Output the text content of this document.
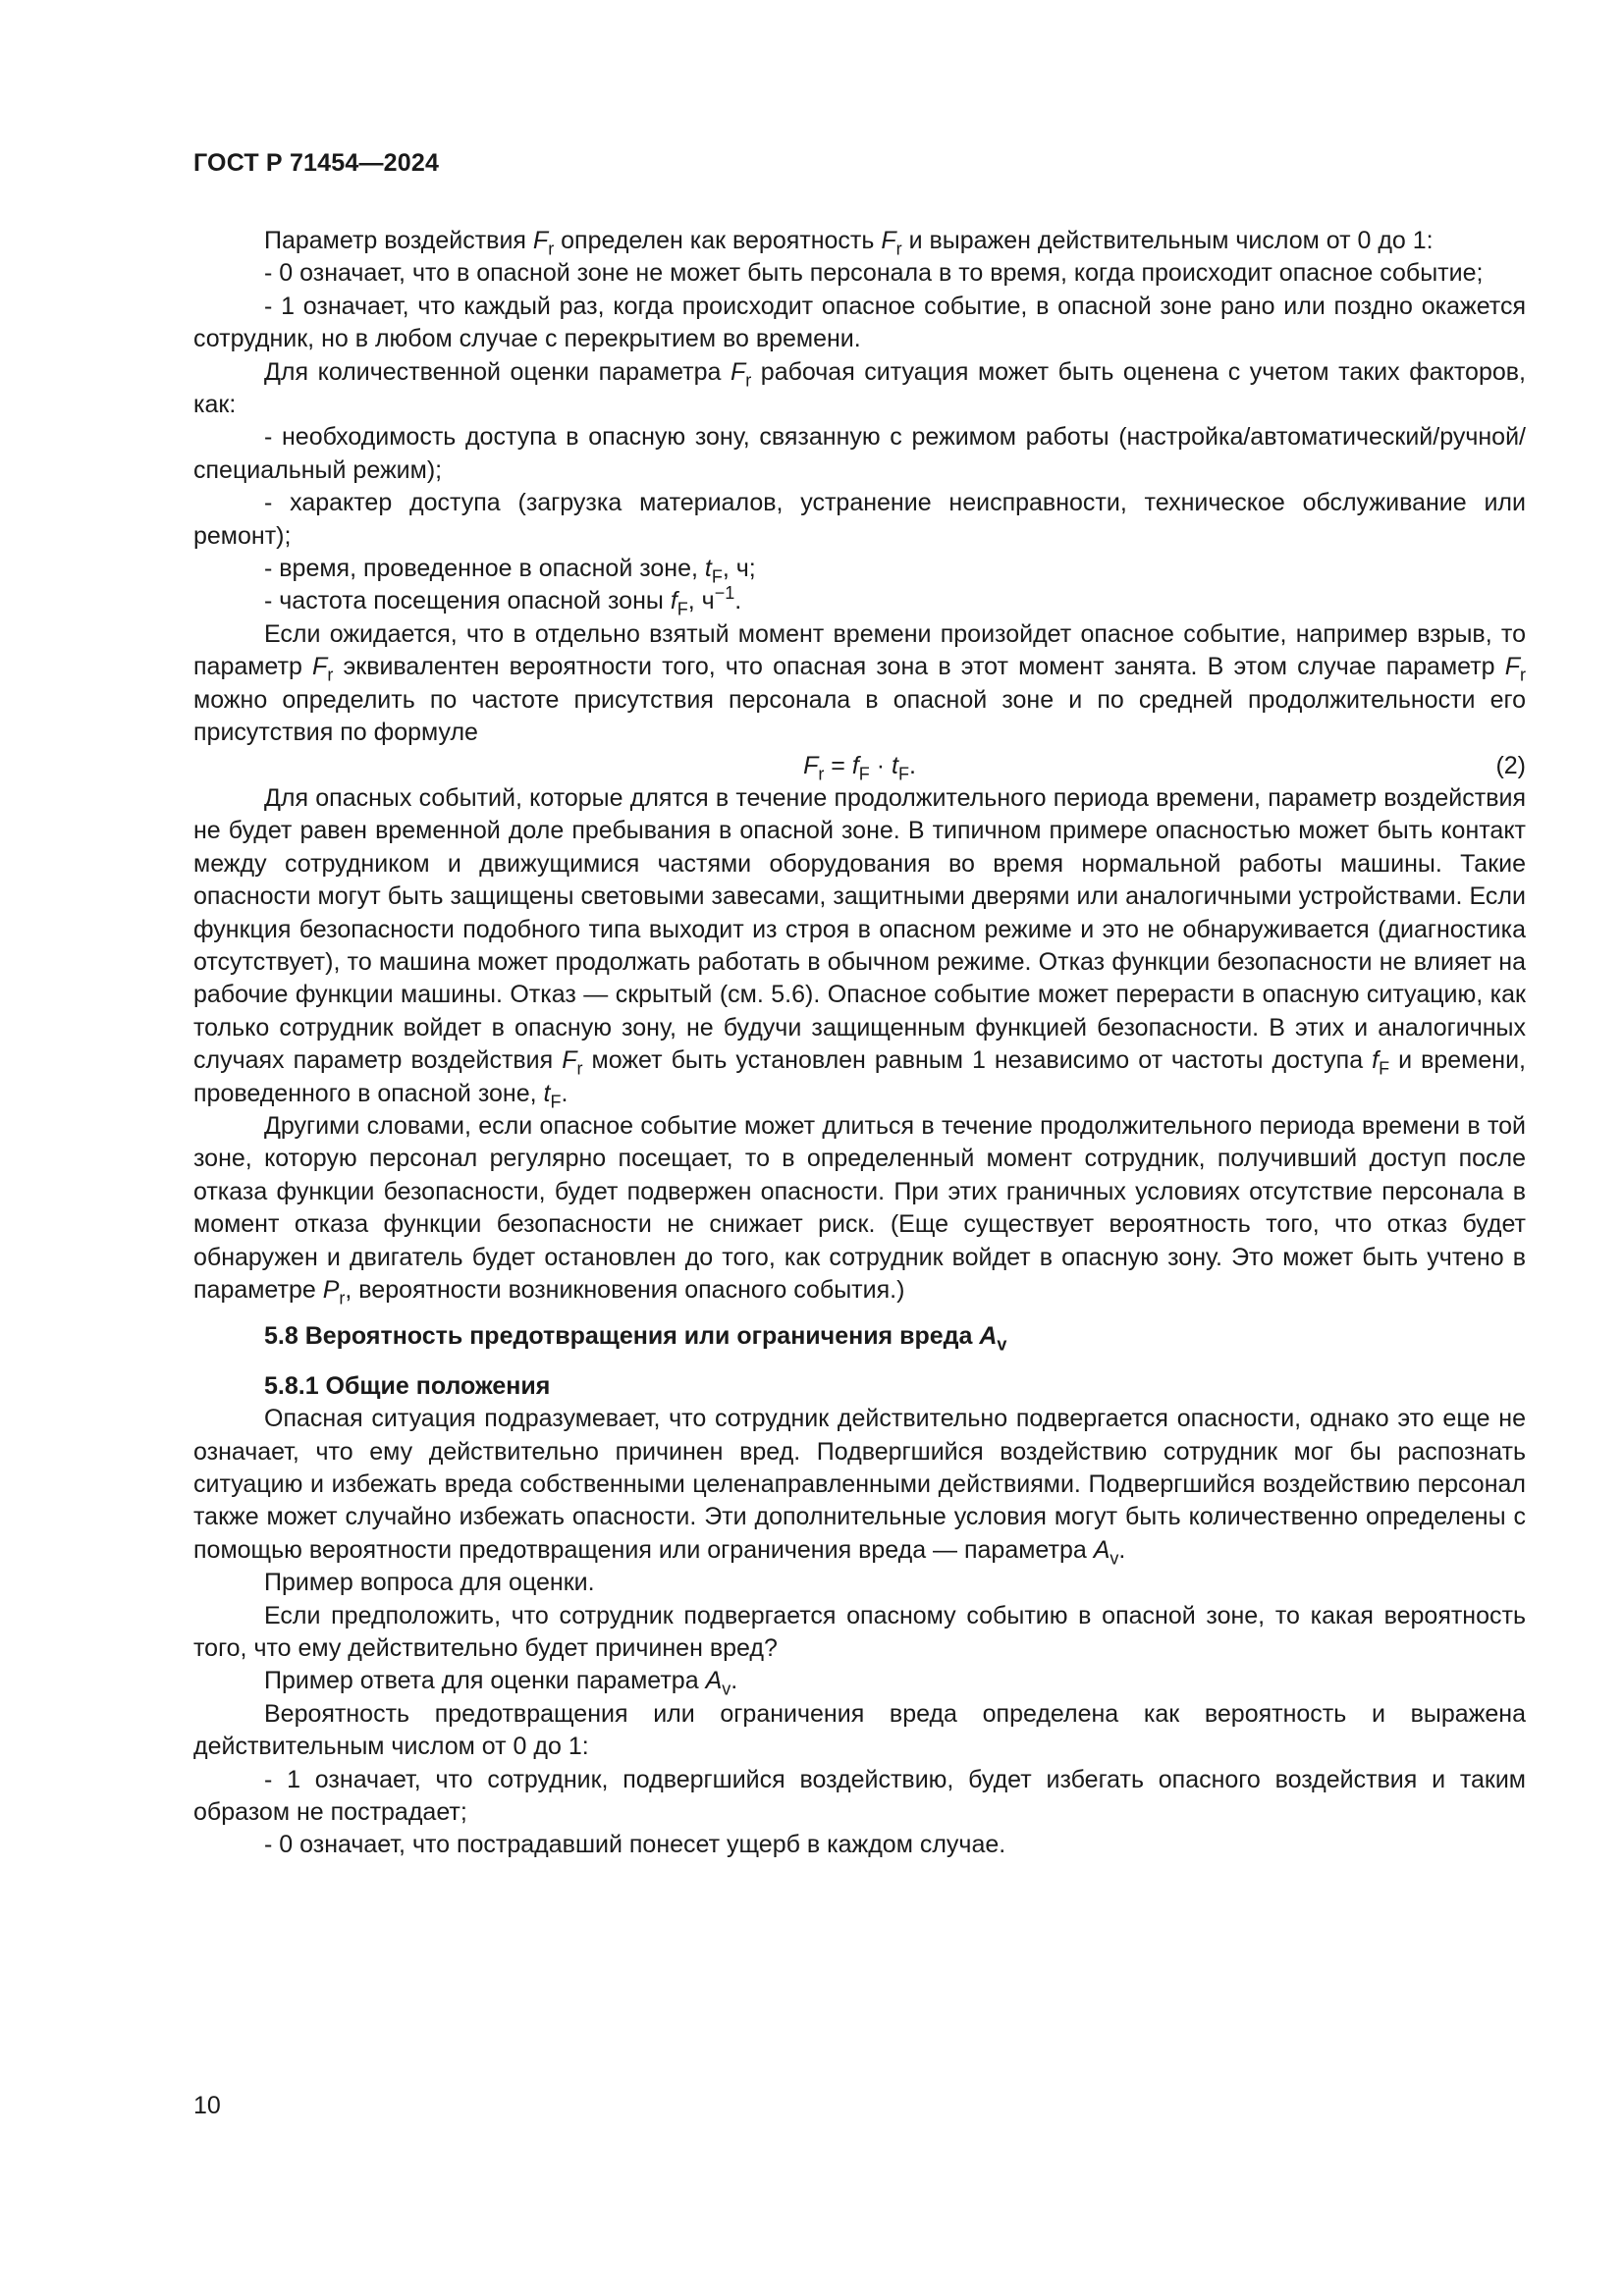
ГОСТ Р 71454—2024

Параметр воздействия $F_r$ определен как вероятность $F_r$ и выражен действительным числом от 0 до 1:

- 0 означает, что в опасной зоне не может быть персонала в то время, когда происходит опасное событие;

- 1 означает, что каждый раз, когда происходит опасное событие, в опасной зоне рано или поздно окажется сотрудник, но в любом случае с перекрытием во времени.

Для количественной оценки параметра $F_r$ рабочая ситуация может быть оценена с учетом таких факторов, как:

- необходимость доступа в опасную зону, связанную с режимом работы (настройка/автоматический/ручной/специальный режим);

- характер доступа (загрузка материалов, устранение неисправности, техническое обслуживание или ремонт);

- время, проведенное в опасной зоне, $t_F$, ч;

- частота посещения опасной зоны $f_F$, $ч^{-1}$.

Если ожидается, что в отдельно взятый момент времени произойдет опасное событие, например взрыв, то параметр $F_r$ эквивалентен вероятности того, что опасная зона в этот момент занята. В этом случае параметр $F_r$ можно определить по частоте присутствия персонала в опасной зоне и по средней продолжительности его присутствия по формуле

$F_r = f_F \cdot t_F$.	(2)

Для опасных событий, которые длятся в течение продолжительного периода времени, параметр воздействия не будет равен временной доле пребывания в опасной зоне. В типичном примере опасностью может быть контакт между сотрудником и движущимися частями оборудования во время нормальной работы машины. Такие опасности могут быть защищены световыми завесами, защитными дверями или аналогичными устройствами. Если функция безопасности подобного типа выходит из строя в опасном режиме и это не обнаруживается (диагностика отсутствует), то машина может продолжать работать в обычном режиме. Отказ функции безопасности не влияет на рабочие функции машины. Отказ — скрытый (см. 5.6). Опасное событие может перерасти в опасную ситуацию, как только сотрудник войдет в опасную зону, не будучи защищенным функцией безопасности. В этих и аналогичных случаях параметр воздействия $F_r$ может быть установлен равным 1 независимо от частоты доступа $f_F$ и времени, проведенного в опасной зоне, $t_F$.

Другими словами, если опасное событие может длиться в течение продолжительного периода времени в той зоне, которую персонал регулярно посещает, то в определенный момент сотрудник, получивший доступ после отказа функции безопасности, будет подвержен опасности. При этих граничных условиях отсутствие персонала в момент отказа функции безопасности не снижает риск. (Еще существует вероятность того, что отказ будет обнаружен и двигатель будет остановлен до того, как сотрудник войдет в опасную зону. Это может быть учтено в параметре $P_r$, вероятности возникновения опасного события.)

5.8 Вероятность предотвращения или ограничения вреда $A_v$

5.8.1 Общие положения

Опасная ситуация подразумевает, что сотрудник действительно подвергается опасности, однако это еще не означает, что ему действительно причинен вред. Подвергшийся воздействию сотрудник мог бы распознать ситуацию и избежать вреда собственными целенаправленными действиями. Подвергшийся воздействию персонал также может случайно избежать опасности. Эти дополнительные условия могут быть количественно определены с помощью вероятности предотвращения или ограничения вреда — параметра $A_v$.

Пример вопроса для оценки.

Если предположить, что сотрудник подвергается опасному событию в опасной зоне, то какая вероятность того, что ему действительно будет причинен вред?

Пример ответа для оценки параметра $A_v$.

Вероятность предотвращения или ограничения вреда определена как вероятность и выражена действительным числом от 0 до 1:

- 1 означает, что сотрудник, подвергшийся воздействию, будет избегать опасного воздействия и таким образом не пострадает;

- 0 означает, что пострадавший понесет ущерб в каждом случае.

10
